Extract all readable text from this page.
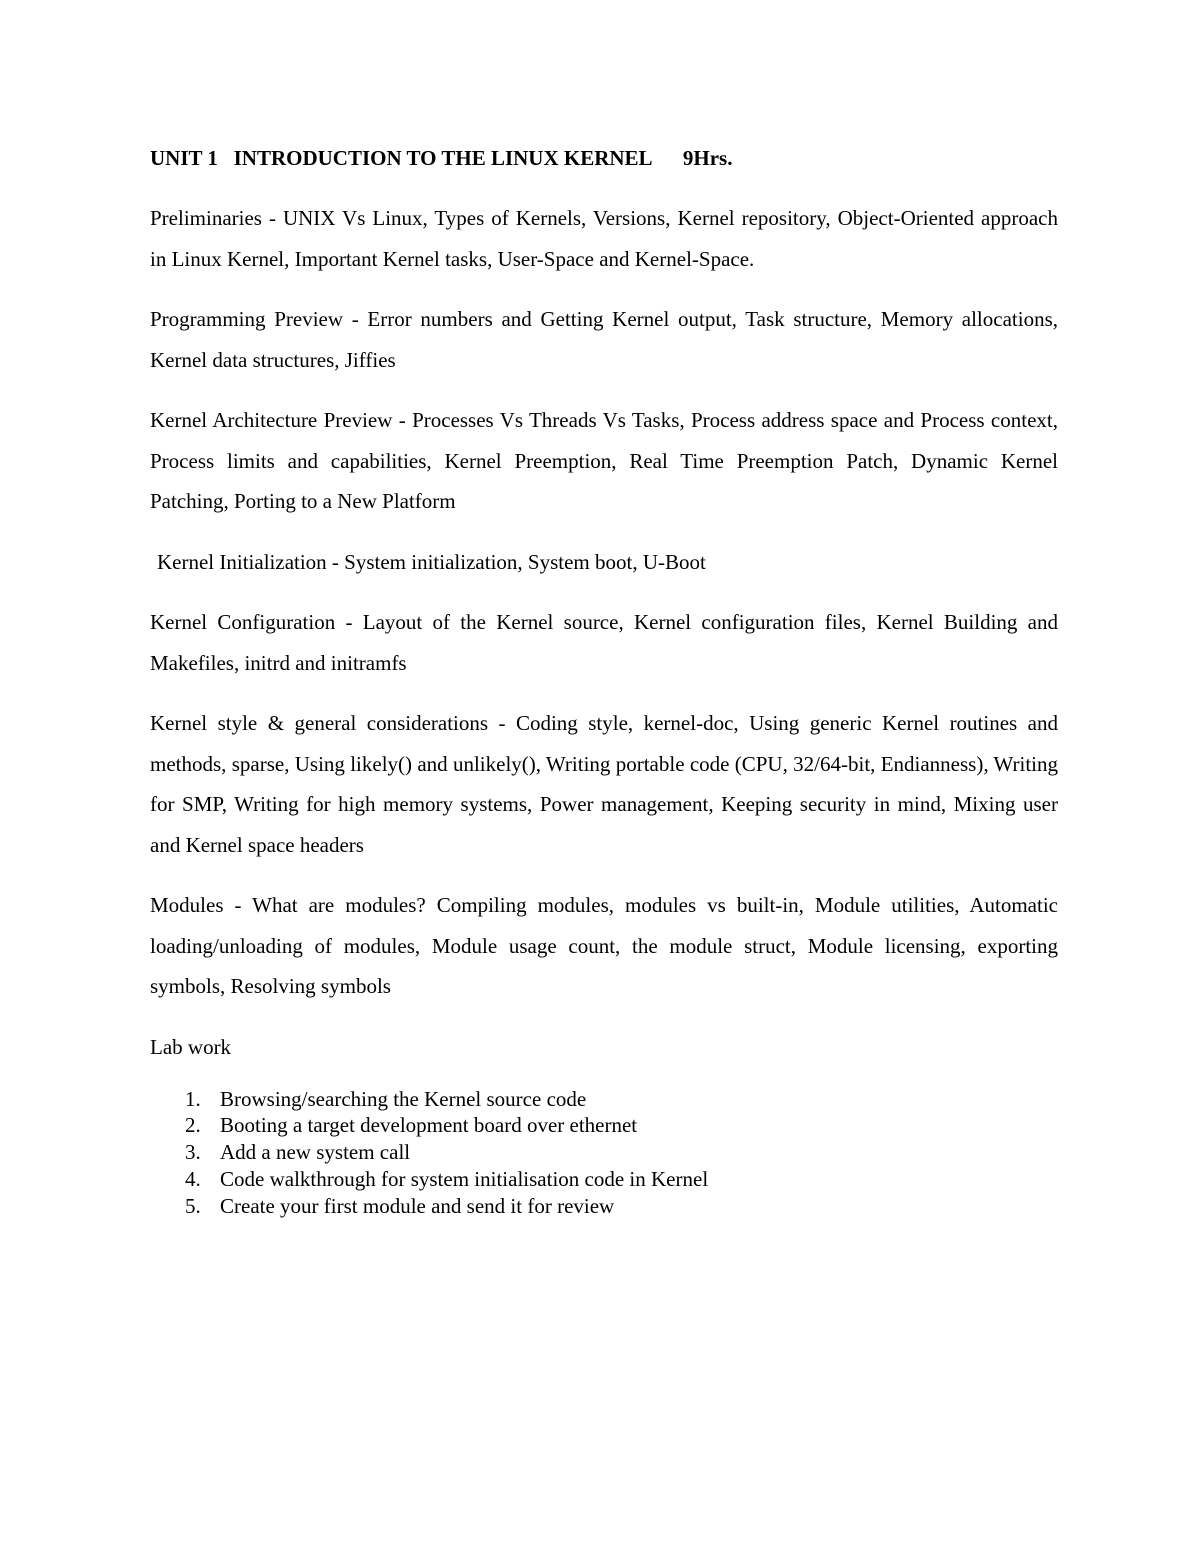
UNIT 1   INTRODUCTION TO THE LINUX KERNEL      9Hrs.

Preliminaries - UNIX Vs Linux, Types of Kernels, Versions, Kernel repository, Object-Oriented approach in Linux Kernel, Important Kernel tasks, User-Space and Kernel-Space.

Programming Preview - Error numbers and Getting Kernel output, Task structure, Memory allocations, Kernel data structures, Jiffies

Kernel Architecture Preview - Processes Vs Threads Vs Tasks, Process address space and Process context, Process limits and capabilities, Kernel Preemption, Real Time Preemption Patch, Dynamic Kernel Patching, Porting to a New Platform

Kernel Initialization - System initialization, System boot, U-Boot

Kernel Configuration - Layout of the Kernel source, Kernel configuration files, Kernel Building and Makefiles, initrd and initramfs

Kernel style & general considerations - Coding style, kernel-doc, Using generic Kernel routines and methods, sparse, Using likely() and unlikely(), Writing portable code (CPU, 32/64-bit, Endianness), Writing for SMP, Writing for high memory systems, Power management, Keeping security in mind, Mixing user and Kernel space headers

Modules - What are modules? Compiling modules, modules vs built-in, Module utilities, Automatic loading/unloading of modules, Module usage count, the module struct, Module licensing, exporting symbols, Resolving symbols

Lab work
1. Browsing/searching the Kernel source code
2. Booting a target development board over ethernet
3. Add a new system call
4. Code walkthrough for system initialisation code in Kernel
5. Create your first module and send it for review
